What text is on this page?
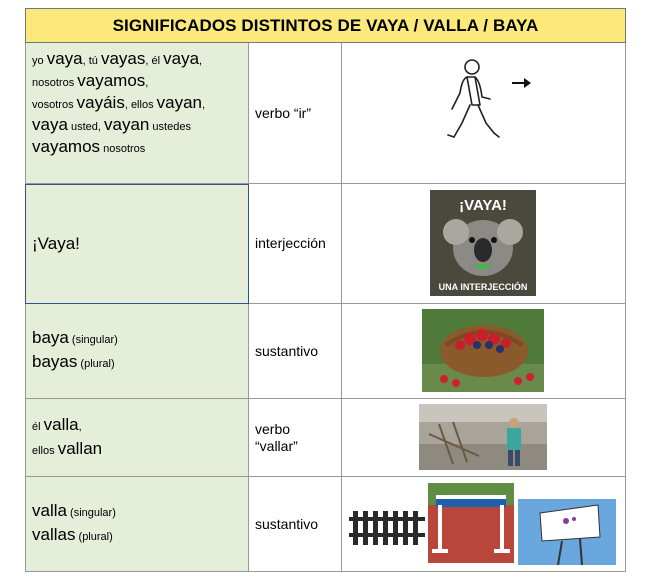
SIGNIFICADOS DISTINTOS DE VAYA / VALLA / BAYA
yo vaya, tú vayas, él vaya,
nosotros vayamos,
vosotros vayáis, ellos vayan,
vaya usted, vayan ustedes
vayamos nosotros
verbo “ir”
¡Vaya!	interjección
¡VAYA!
UNA INTERJECCIÓN
baya (singular)
bayas (plural)
sustantivo
él valla,
ellos vallan
verbo
“vallar”
valla (singular)
vallas (plural)
sustantivo
